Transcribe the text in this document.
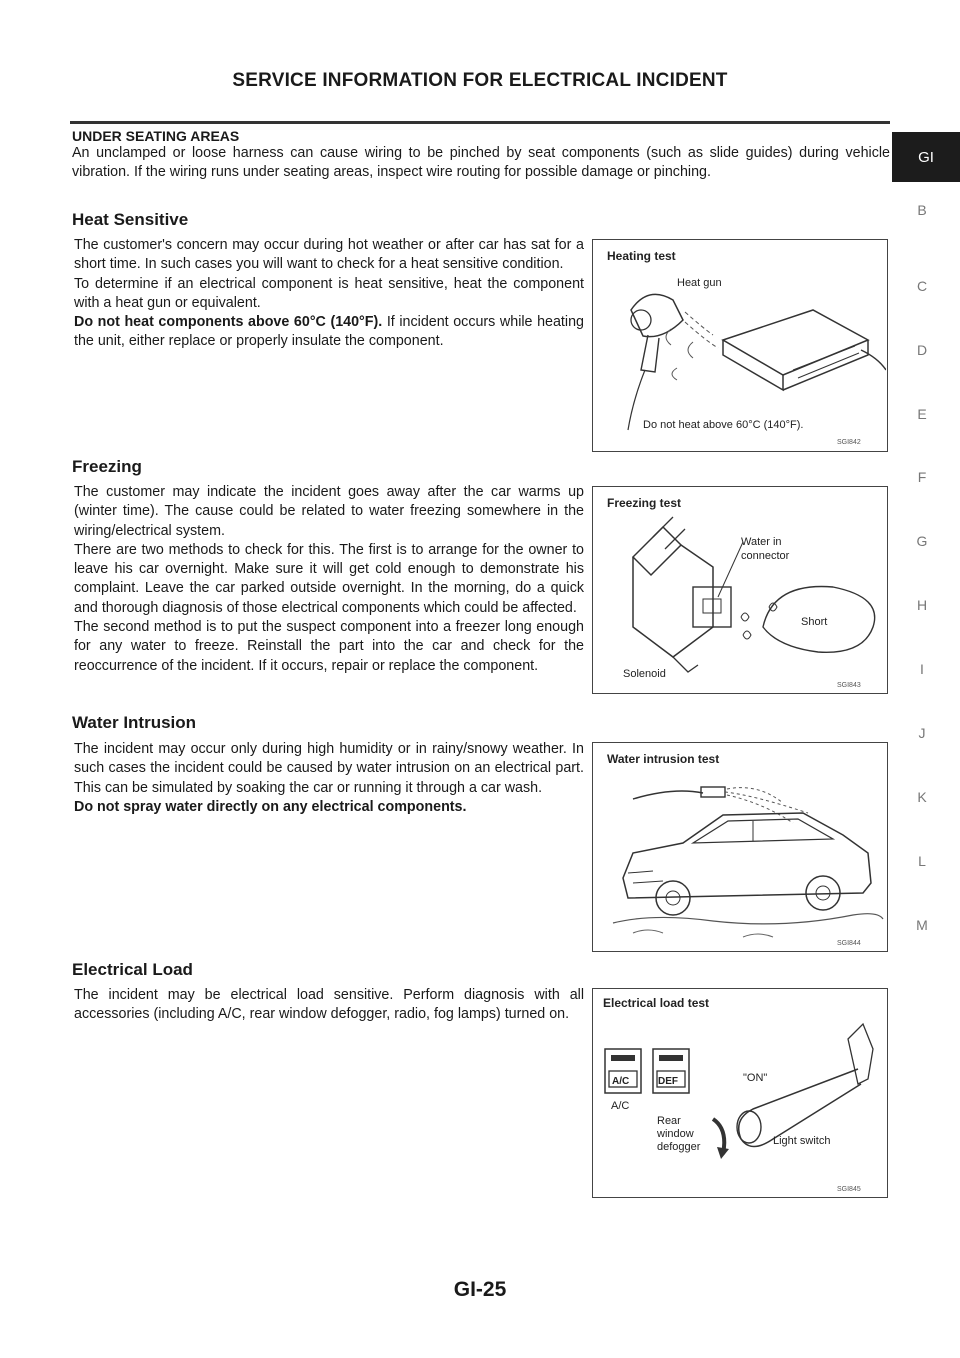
SERVICE INFORMATION FOR ELECTRICAL INCIDENT
GI
B
C
D
E
F
G
H
I
J
K
L
M

UNDER SEATING AREAS

An unclamped or loose harness can cause wiring to be pinched by seat components (such as slide guides) during vehicle vibration. If the wiring runs under seating areas, inspect wire routing for possible damage or pinching.

Heat Sensitive

The customer's concern may occur during hot weather or after car has sat for a short time. In such cases you will want to check for a heat sensitive condition.

To determine if an electrical component is heat sensitive, heat the component with a heat gun or equivalent.

Do not heat components above 60°C (140°F). If incident occurs while heating the unit, either replace or properly insulate the component.

Heating test
Heat gun
Do not heat above 60°C (140°F).
SGI842
Freezing

The customer may indicate the incident goes away after the car warms up (winter time). The cause could be related to water freezing somewhere in the wiring/electrical system.

There are two methods to check for this. The first is to arrange for the owner to leave his car overnight. Make sure it will get cold enough to demonstrate his complaint. Leave the car parked outside overnight. In the morning, do a quick and thorough diagnosis of those electrical components which could be affected.

The second method is to put the suspect component into a freezer long enough for any water to freeze. Reinstall the part into the car and check for the reoccurrence of the incident. If it occurs, repair or replace the component.

Freezing test
Water in
connector
Short
Solenoid
SGI843
Water Intrusion

The incident may occur only during high humidity or in rainy/snowy weather. In such cases the incident could be caused by water intrusion on an electrical part. This can be simulated by soaking the car or running it through a car wash.

Do not spray water directly on any electrical components.

Water intrusion test
SGI844
Electrical Load

The incident may be electrical load sensitive. Perform diagnosis with all accessories (including A/C, rear window defogger, radio, fog lamps) turned on.

Electrical load test
A/C
A/C
DEF
Rear
window
defogger
"ON"
Light switch
SGI845
GI-25
